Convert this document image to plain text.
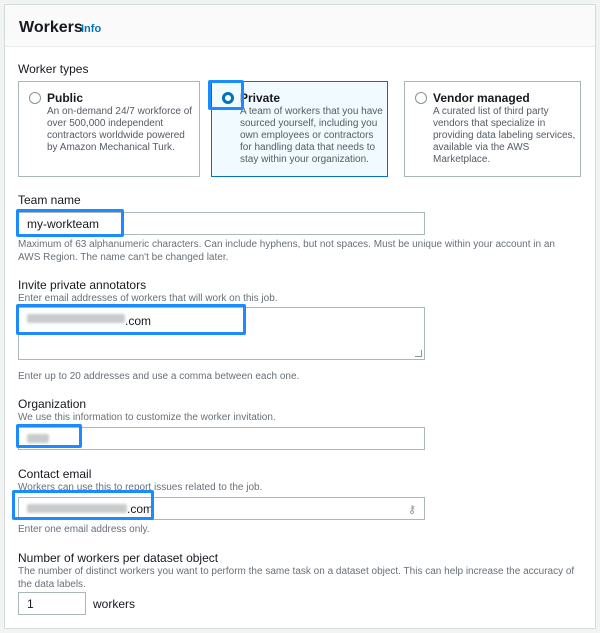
Workers
Info
Worker types
Public
An on-demand 24/7 workforce of over 500,000 independent contractors worldwide powered by Amazon Mechanical Turk.
Private
A team of workers that you have sourced yourself, including you own employees or contractors for handling data that needs to stay within your organization.
Vendor managed
A curated list of third party vendors that specialize in providing data labeling services, available via the AWS Marketplace.
Team name
my-workteam
Maximum of 63 alphanumeric characters. Can include hyphens, but not spaces. Must be unique within your account in an AWS Region. The name can't be changed later.
Invite private annotators
Enter email addresses of workers that will work on this job.
.com
Enter up to 20 addresses and use a comma between each one.
Organization
We use this information to customize the worker invitation.
Contact email
Workers can use this to report issues related to the job.
.com	⚷
Enter one email address only.
Number of workers per dataset object
The number of distinct workers you want to perform the same task on a dataset object. This can help increase the accuracy of the data labels.
1	workers
